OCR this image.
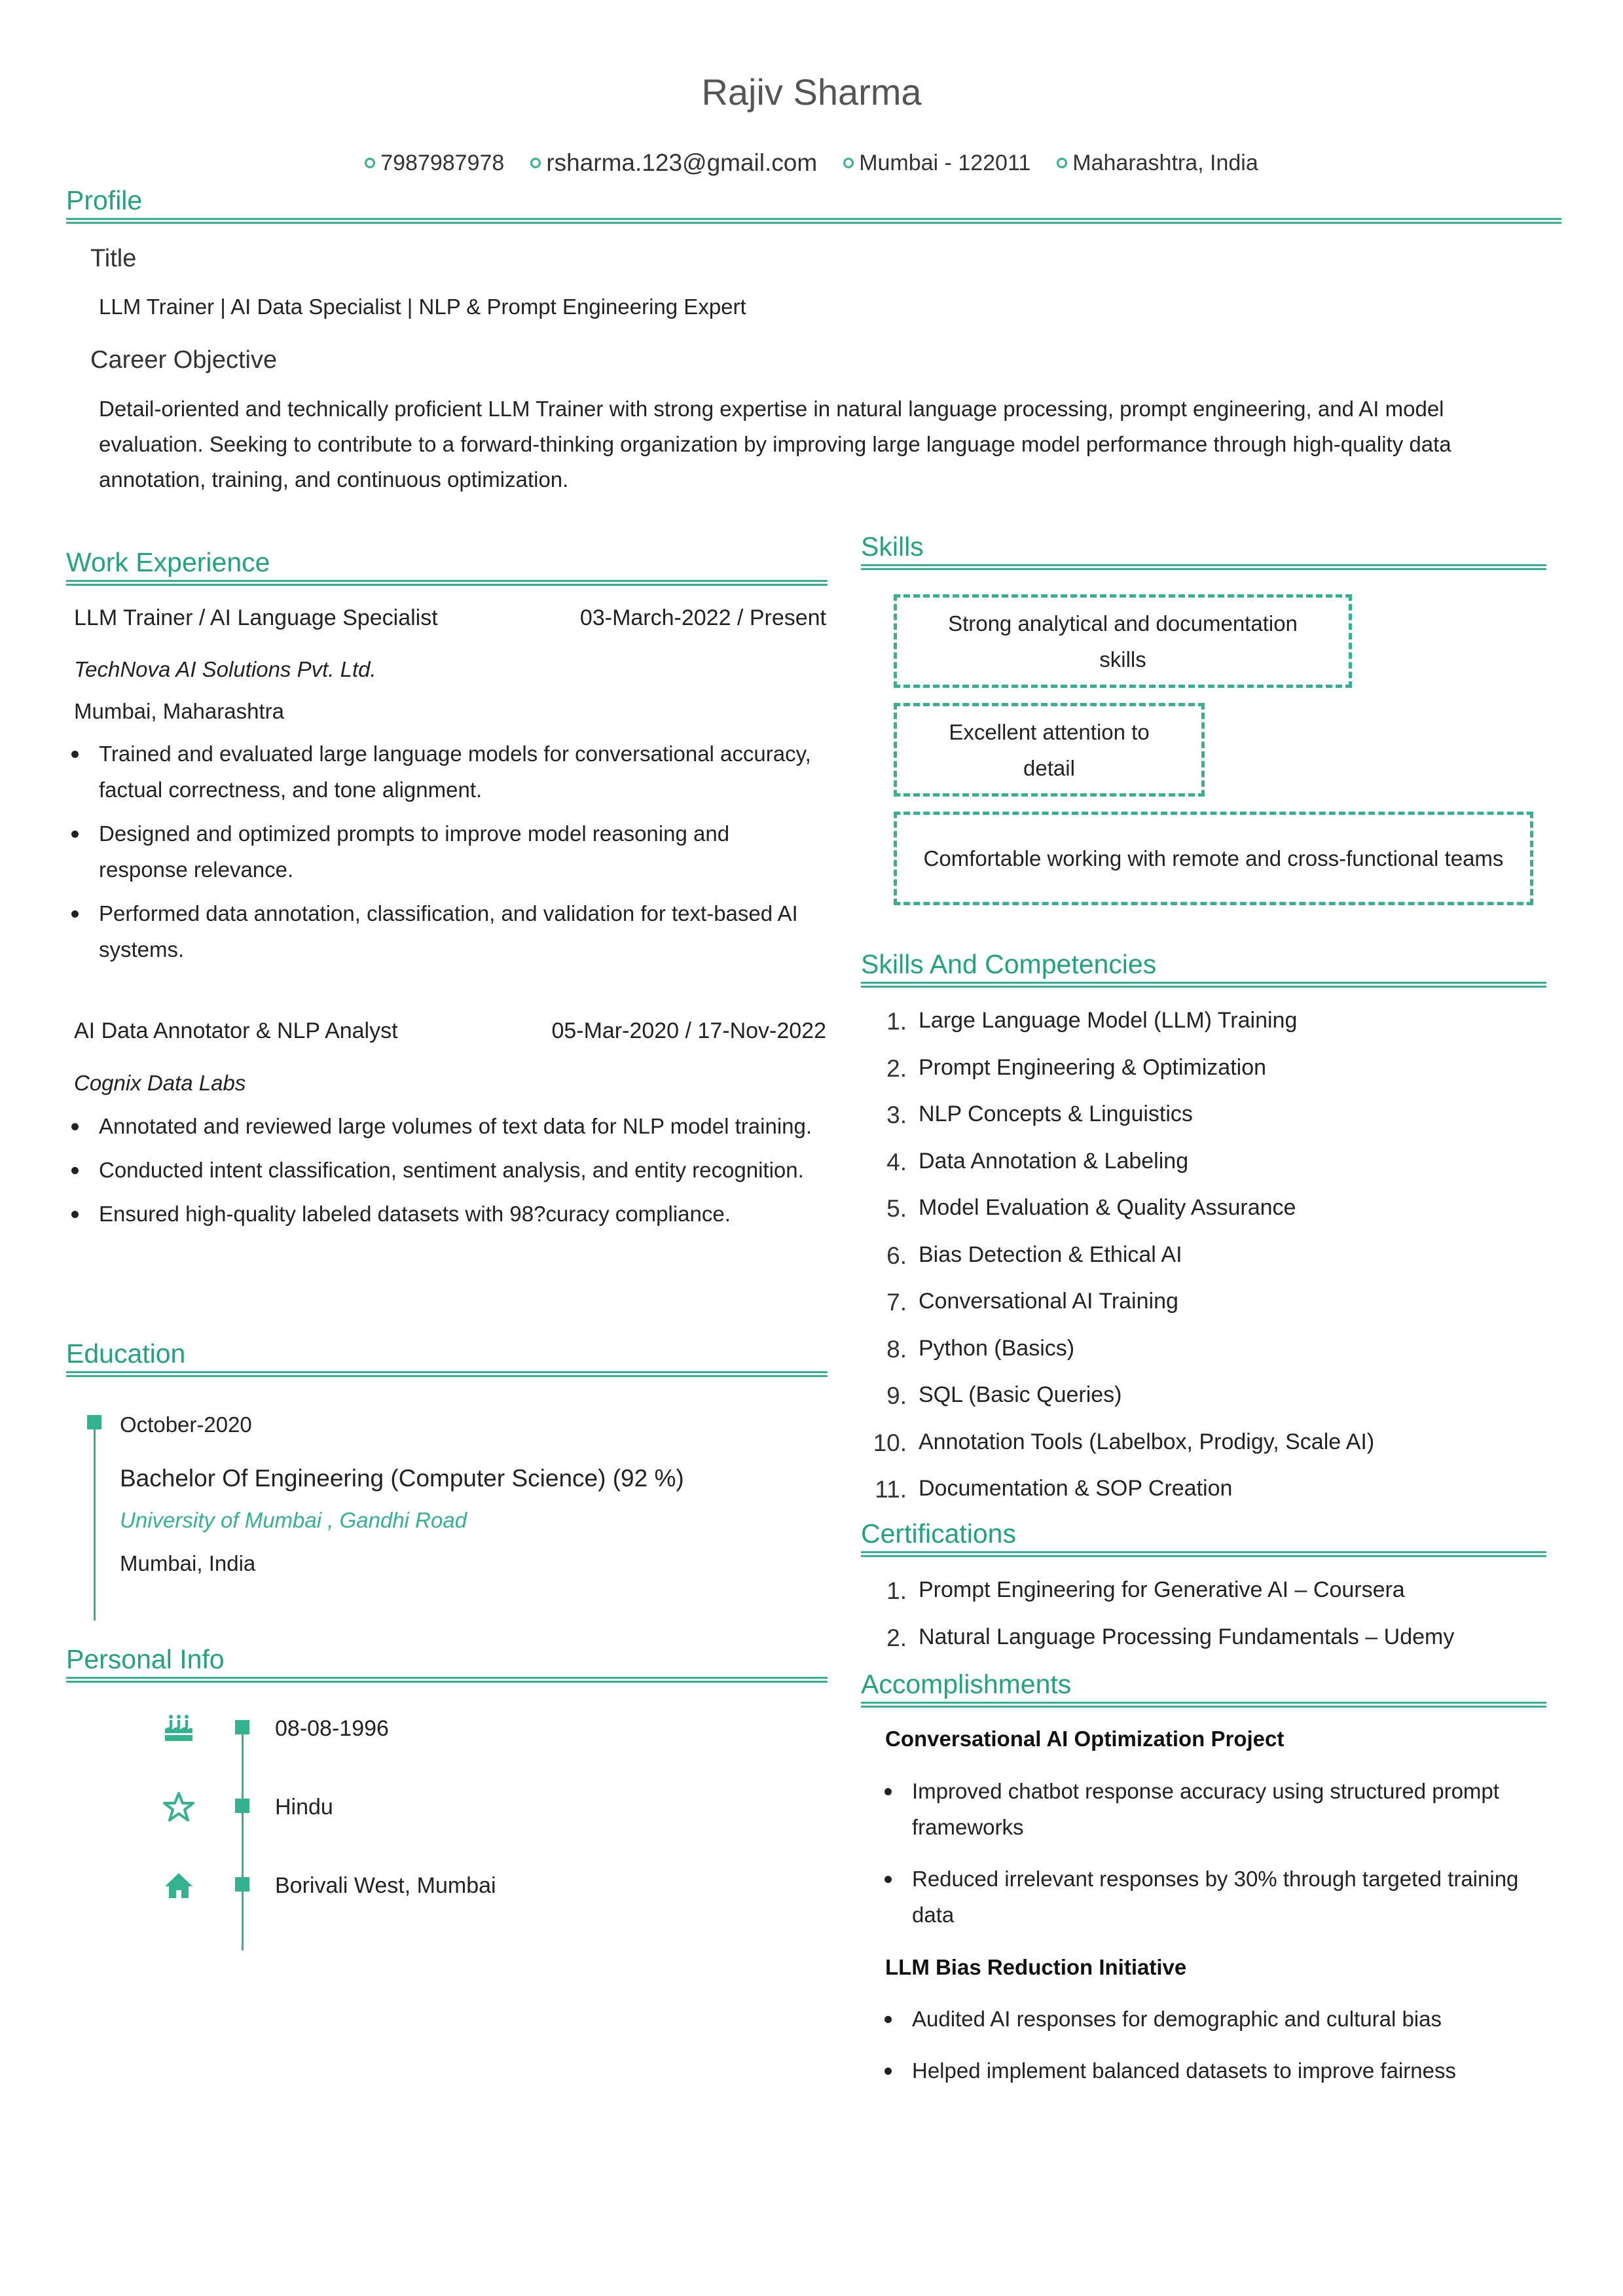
Rajiv Sharma
7987987978 rsharma.123@gmail.com Mumbai - 122011 Maharashtra, India
Profile
Title
LLM Trainer | AI Data Specialist | NLP & Prompt Engineering Expert
Career Objective
Detail-oriented and technically proficient LLM Trainer with strong expertise in natural language processing, prompt engineering, and AI model
evaluation. Seeking to contribute to a forward-thinking organization by improving large language model performance through high-quality data
annotation, training, and continuous optimization.
Work Experience
LLM Trainer / AI Language Specialist	03-March-2022 / Present
TechNova AI Solutions Pvt. Ltd.
Mumbai, Maharashtra
Trained and evaluated large language models for conversational accuracy, factual correctness, and tone alignment.
Designed and optimized prompts to improve model reasoning and response relevance.
Performed data annotation, classification, and validation for text-based AI systems.
AI Data Annotator & NLP Analyst	05-Mar-2020 / 17-Nov-2022
Cognix Data Labs
Annotated and reviewed large volumes of text data for NLP model training.
Conducted intent classification, sentiment analysis, and entity recognition.
Ensured high-quality labeled datasets with 98?curacy compliance.
Education
October-2020
Bachelor Of Engineering (Computer Science) (92 %)
University of Mumbai , Gandhi Road
Mumbai, India
Personal Info
08-08-1996
Hindu
Borivali West, Mumbai
Skills
Strong analytical and documentation skills
Excellent attention to detail
Comfortable working with remote and cross-functional teams
Skills And Competencies
1. Large Language Model (LLM) Training
2. Prompt Engineering & Optimization
3. NLP Concepts & Linguistics
4. Data Annotation & Labeling
5. Model Evaluation & Quality Assurance
6. Bias Detection & Ethical AI
7. Conversational AI Training
8. Python (Basics)
9. SQL (Basic Queries)
10. Annotation Tools (Labelbox, Prodigy, Scale AI)
11. Documentation & SOP Creation
Certifications
1. Prompt Engineering for Generative AI – Coursera
2. Natural Language Processing Fundamentals – Udemy
Accomplishments
Conversational AI Optimization Project
Improved chatbot response accuracy using structured prompt frameworks
Reduced irrelevant responses by 30% through targeted training data
LLM Bias Reduction Initiative
Audited AI responses for demographic and cultural bias
Helped implement balanced datasets to improve fairness
